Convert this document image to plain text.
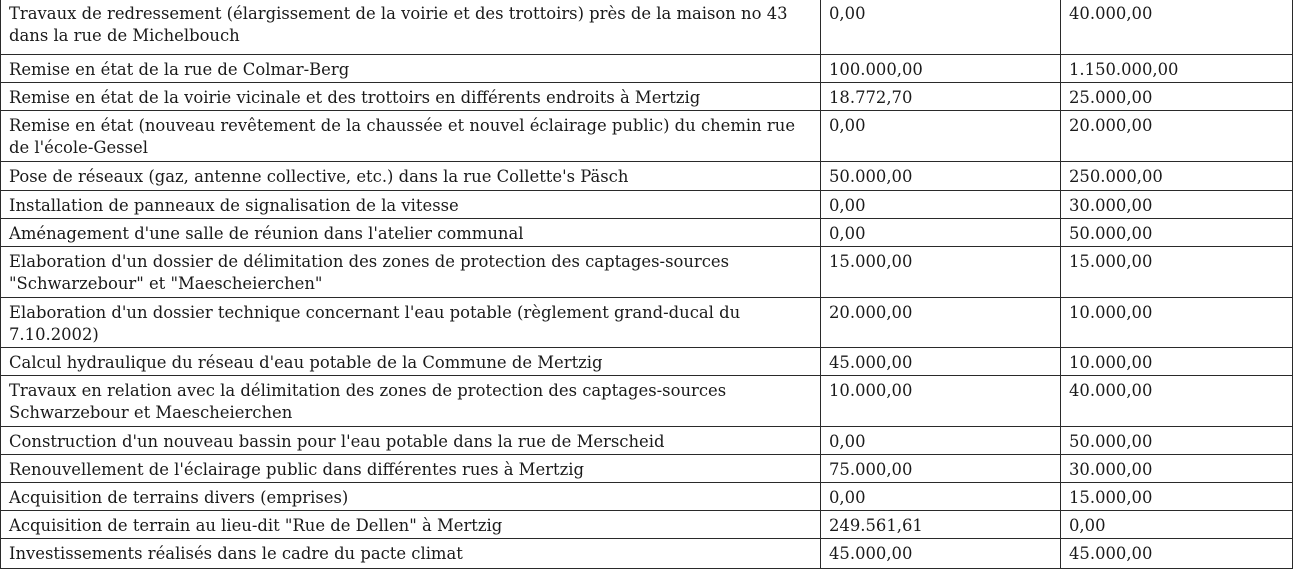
Travaux de redressement (élargissement de la voirie et des trottoirs) près de la maison no 43 dans la rue de Michelbouch	0,00	40.000,00
Remise en état de la rue de Colmar-Berg	100.000,00	1.150.000,00
Remise en état de la voirie vicinale et des trottoirs en différents endroits à Mertzig	18.772,70	25.000,00
Remise en état (nouveau revêtement de la chaussée et nouvel éclairage public) du chemin rue de l'école-Gessel	0,00	20.000,00
Pose de réseaux (gaz, antenne collective, etc.) dans la rue Collette's Päsch	50.000,00	250.000,00
Installation de panneaux de signalisation de la vitesse	0,00	30.000,00
Aménagement d'une salle de réunion dans l'atelier communal	0,00	50.000,00
Elaboration d'un dossier de délimitation des zones de protection des captages-sources "Schwarzebour" et "Maescheierchen"	15.000,00	15.000,00
Elaboration d'un dossier technique concernant l'eau potable (règlement grand-ducal du 7.10.2002)	20.000,00	10.000,00
Calcul hydraulique du réseau d'eau potable de la Commune de Mertzig	45.000,00	10.000,00
Travaux en relation avec la délimitation des zones de protection des captages-sources Schwarzebour et Maescheierchen	10.000,00	40.000,00
Construction d'un nouveau bassin pour l'eau potable dans la rue de Merscheid	0,00	50.000,00
Renouvellement de l'éclairage public dans différentes rues à Mertzig	75.000,00	30.000,00
Acquisition de terrains divers (emprises)	0,00	15.000,00
Acquisition de terrain au lieu-dit "Rue de Dellen" à Mertzig	249.561,61	0,00
Investissements réalisés dans le cadre du pacte climat	45.000,00	45.000,00
